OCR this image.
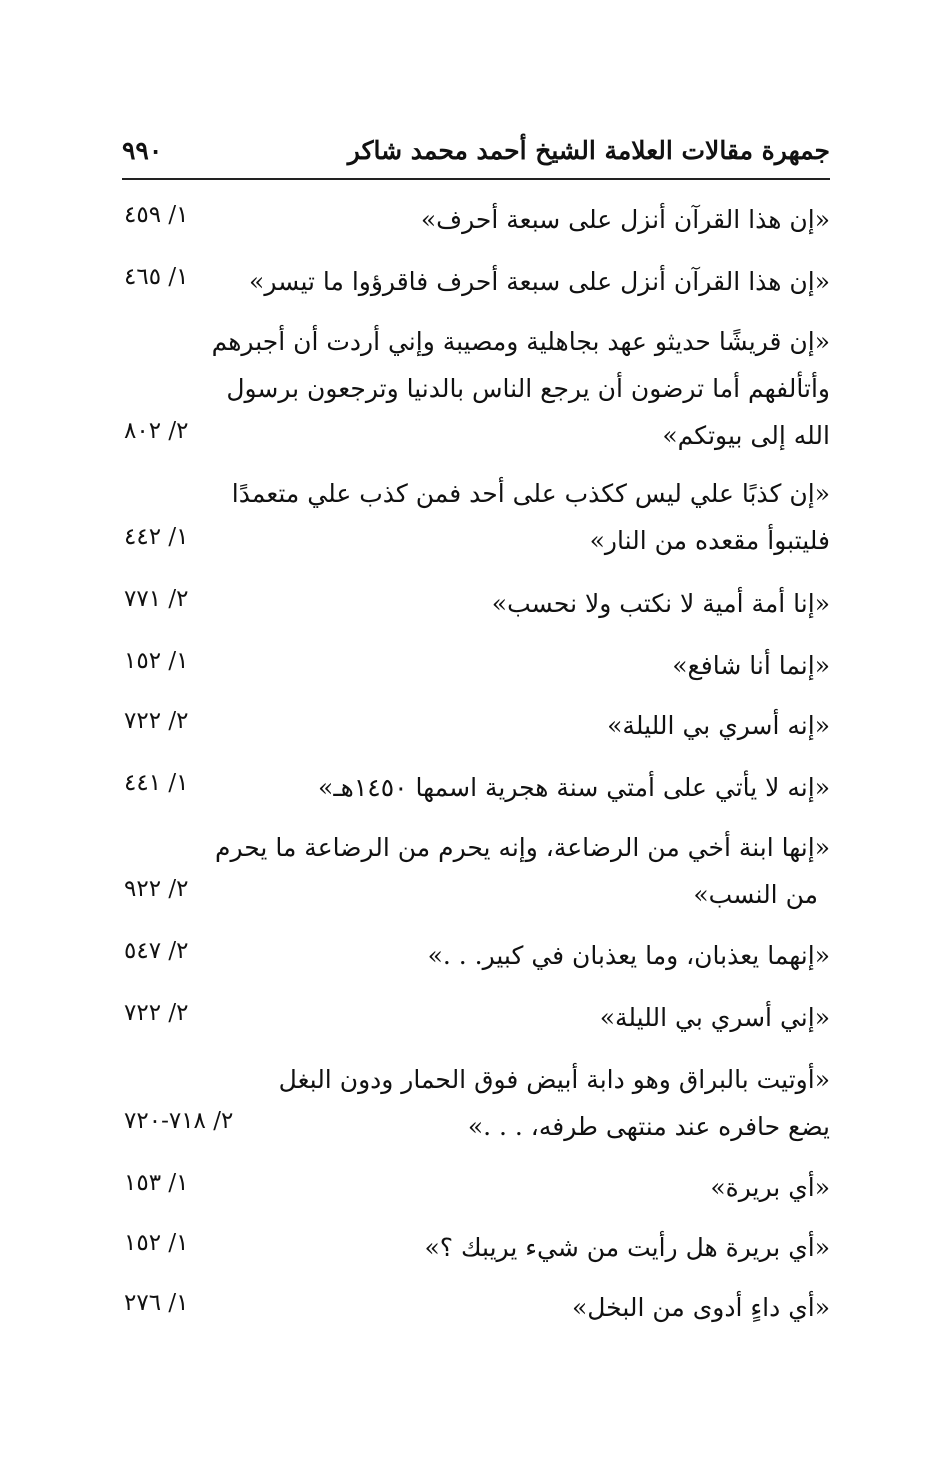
جمهرة مقالات العلامة الشيخ أحمد محمد شاكر
٩٩٠
«إن هذا القرآن أنزل على سبعة أحرف»
١/ ٤٥٩
«إن هذا القرآن أنزل على سبعة أحرف فاقرؤوا ما تيسر»
١/ ٤٦٥
«إن قريشًا حديثو عهد بجاهلية ومصيبة وإني أردت أن أجبرهم
وأتألفهم أما ترضون أن يرجع الناس بالدنيا وترجعون برسول
الله إلى بيوتكم»
٢/ ٨٠٢
«إن كذبًا علي ليس ككذب على أحد فمن كذب علي متعمدًا
فليتبوأ مقعده من النار»
١/ ٤٤٢
«إنا أمة أمية لا نكتب ولا نحسب»
٢/ ٧٧١
«إنما أنا شافع»
١/ ١٥٢
«إنه أسري بي الليلة»
٢/ ٧٢٢
«إنه لا يأتي على أمتي سنة هجرية اسمها ١٤٥٠هـ»
١/ ٤٤١
«إنها ابنة أخي من الرضاعة، وإنه يحرم من الرضاعة ما يحرم
من النسب»
٢/ ٩٢٢
«إنهما يعذبان، وما يعذبان في كبير. . .»
٢/ ٥٤٧
«إني أسري بي الليلة»
٢/ ٧٢٢
«أوتيت بالبراق وهو دابة أبيض فوق الحمار ودون البغل
يضع حافره عند منتهى طرفه، . . .»
٢/ ٧١٨-٧٢٠
«أي بريرة»
١/ ١٥٣
«أي بريرة هل رأيت من شيء يريبك ؟»
١/ ١٥٢
«أي داءٍ أدوى من البخل»
١/ ٢٧٦
